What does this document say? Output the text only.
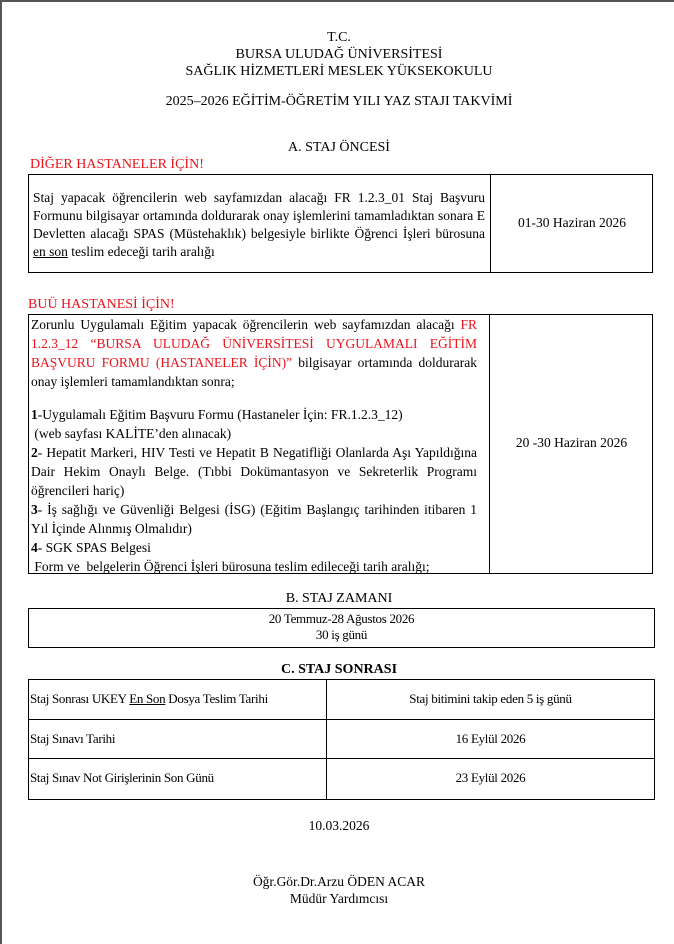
T.C.
BURSA ULUDAĞ ÜNİVERSİTESİ
SAĞLIK HİZMETLERİ MESLEK YÜKSEKOKULU
2025–2026 EĞİTİM-ÖĞRETİM YILI YAZ STAJI TAKVİMİ
A. STAJ ÖNCESİ
DİĞER HASTANELER İÇİN!
Staj yapacak öğrencilerin web sayfamızdan alacağı FR 1.2.3_01 Staj Başvuru Formunu bilgisayar ortamında doldurarak onay işlemlerini tamamladıktan sonara E Devletten alacağı SPAS (Müstehaklık) belgesiyle birlikte Öğrenci İşleri bürosuna en son teslim edeceği tarih aralığı
01-30 Haziran 2026
BUÜ HASTANESİ İÇİN!
Zorunlu Uygulamalı Eğitim yapacak öğrencilerin web sayfamızdan alacağı FR 1.2.3_12 “BURSA ULUDAĞ ÜNİVERSİTESİ UYGULAMALI EĞİTİM BAŞVURU FORMU (HASTANELER İÇİN)” bilgisayar ortamında doldurarak onay işlemleri tamamlandıktan sonra;
1-Uygulamalı Eğitim Başvuru Formu (Hastaneler İçin: FR.1.2.3_12)
(web sayfası KALİTE’den alınacak)
2- Hepatit Markeri, HIV Testi ve Hepatit B Negatifliği Olanlarda Aşı Yapıldığına Dair Hekim Onaylı Belge. (Tıbbi Dokümantasyon ve Sekreterlik Programı öğrencileri hariç)
3- İş sağlığı ve Güvenliği Belgesi (İSG) (Eğitim Başlangıç tarihinden itibaren 1 Yıl İçinde Alınmış Olmalıdır)
4- SGK SPAS Belgesi
Form ve  belgelerin Öğrenci İşleri bürosuna teslim edileceği tarih aralığı;
20 -30 Haziran 2026
B. STAJ ZAMANI
20 Temmuz-28 Ağustos 2026
30 iş günü
C. STAJ SONRASI
Staj Sonrası UKEY En Son Dosya Teslim Tarihi	Staj bitimini takip eden 5 iş günü
Staj Sınavı Tarihi	16 Eylül 2026
Staj Sınav Not Girişlerinin Son Günü	23 Eylül 2026
10.03.2026
Öğr.Gör.Dr.Arzu ÖDEN ACAR
Müdür Yardımcısı
